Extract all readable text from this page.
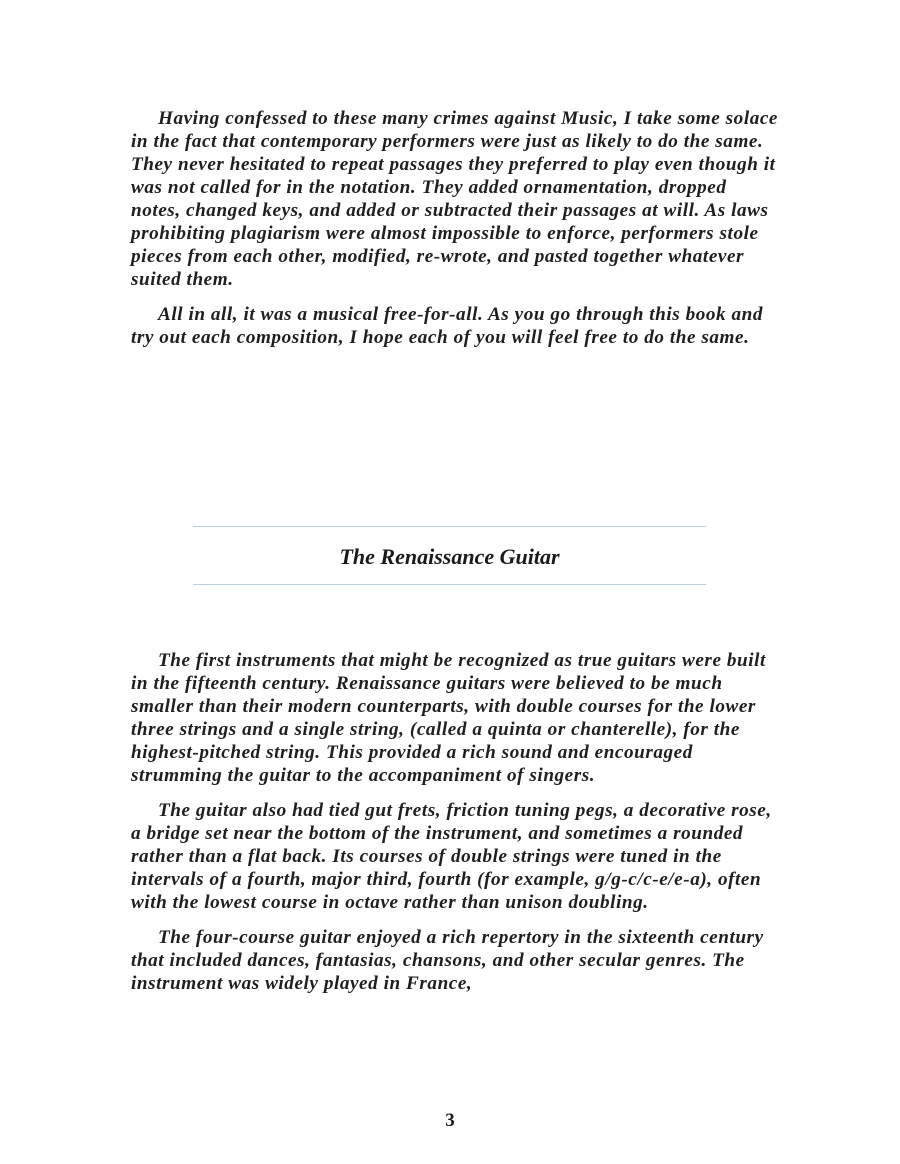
Having confessed to these many crimes against Music, I take some solace in the fact that contemporary performers were just as likely to do the same. They never hesitated to repeat passages they preferred to play even though it was not called for in the notation. They added ornamentation, dropped notes, changed keys, and added or subtracted their passages at will. As laws prohibiting plagiarism were almost impossible to enforce, performers stole pieces from each other, modified, re-wrote, and pasted together whatever suited them.

All in all, it was a musical free-for-all. As you go through this book and try out each composition, I hope each of you will feel free to do the same.

The Renaissance Guitar

The first instruments that might be recognized as true guitars were built in the fifteenth century. Renaissance guitars were believed to be much smaller than their modern counterparts, with double courses for the lower three strings and a single string, (called a quinta or chanterelle), for the highest-pitched string. This provided a rich sound and encouraged strumming the guitar to the accompaniment of singers.

The guitar also had tied gut frets, friction tuning pegs, a decorative rose, a bridge set near the bottom of the instrument, and sometimes a rounded rather than a flat back. Its courses of double strings were tuned in the intervals of a fourth, major third, fourth (for example, g/g-c/c-e/e-a), often with the lowest course in octave rather than unison doubling.

The four-course guitar enjoyed a rich repertory in the sixteenth century that included dances, fantasias, chansons, and other secular genres. The instrument was widely played in France,

3
